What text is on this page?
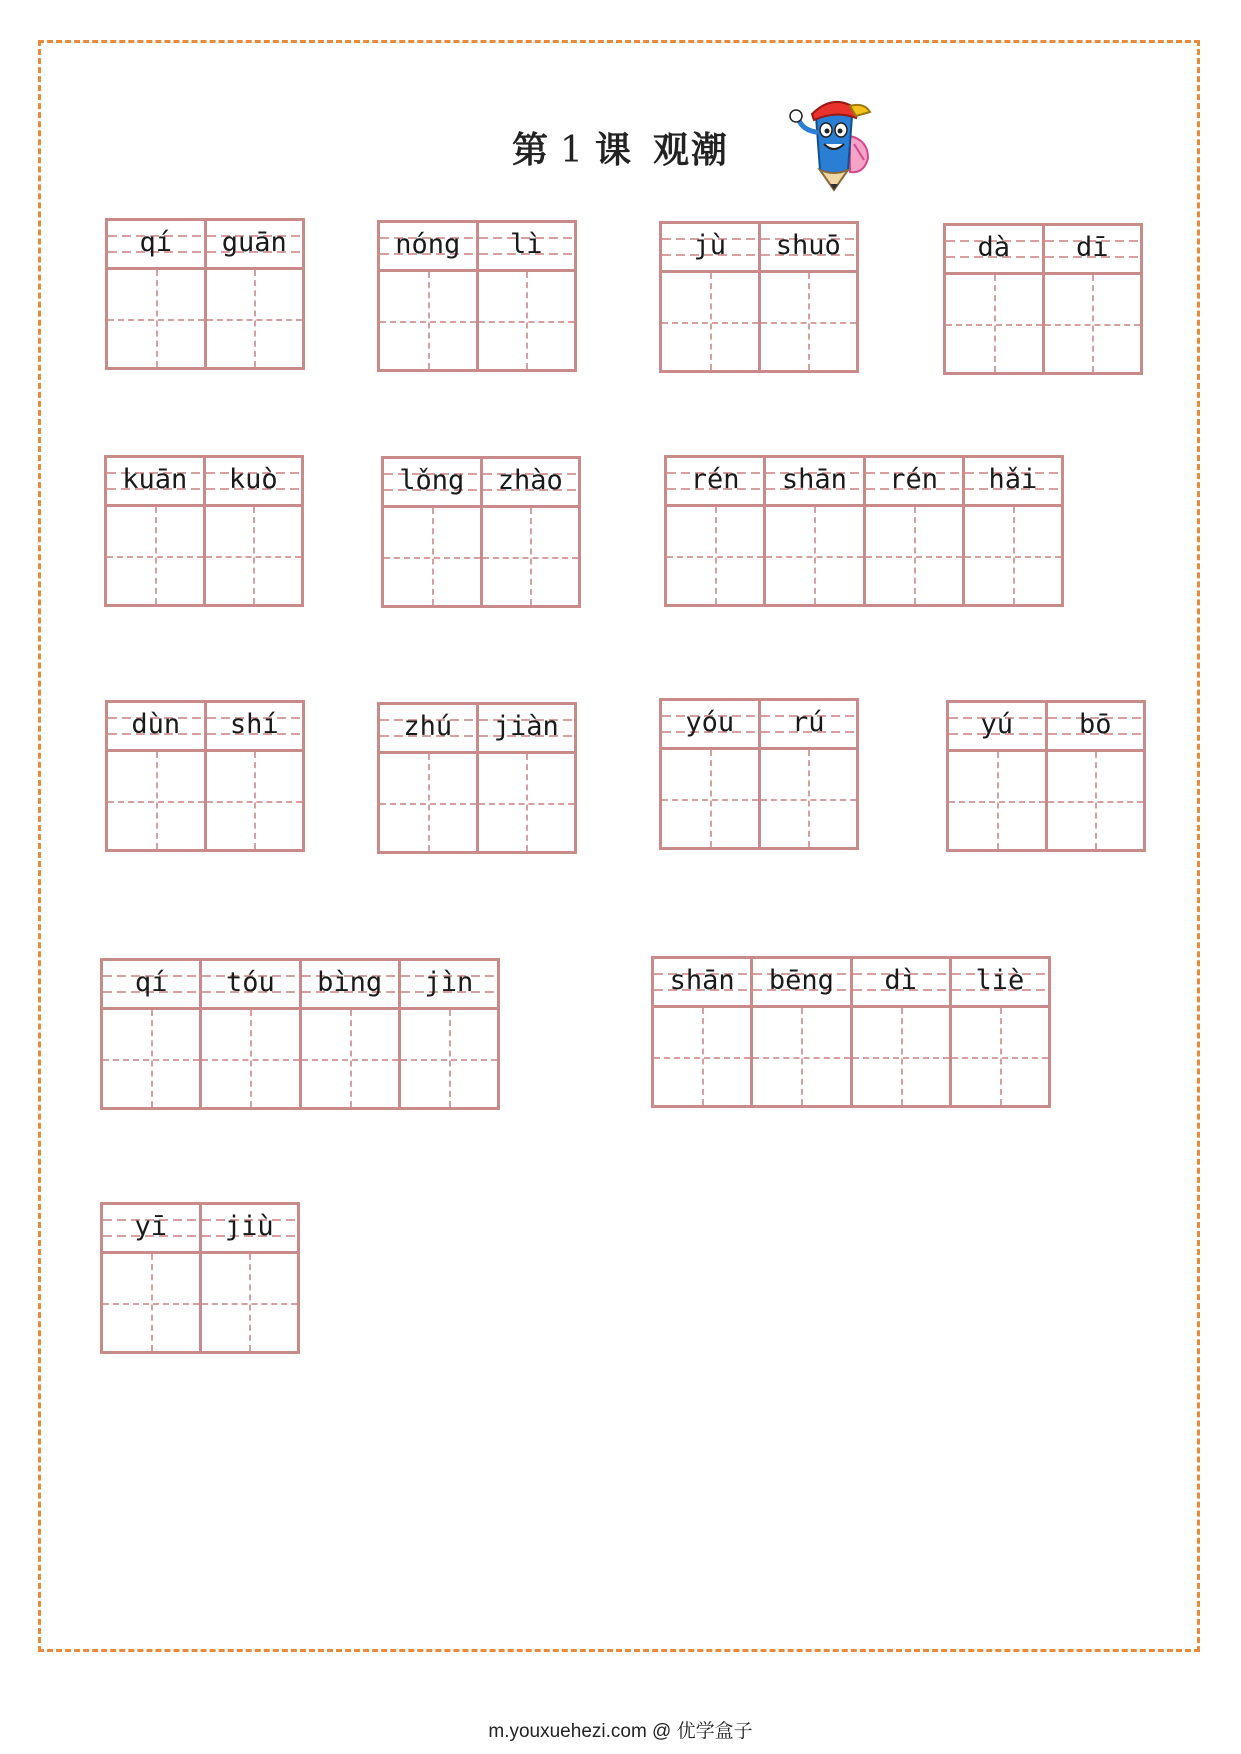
第 1 课 观潮
qí	guān	nóng	lì	jù	shuō	dà	dī
kuān	kuò	lǒng	zhào	rén	shān	rén	hǎi
dùn	shí	zhú	jiàn	yóu	rú	yú	bō
qí	tóu	bìng	jìn	shān	bēng	dì	liè
yī	jiù
m.youxuehezi.com @ 优学盒子
